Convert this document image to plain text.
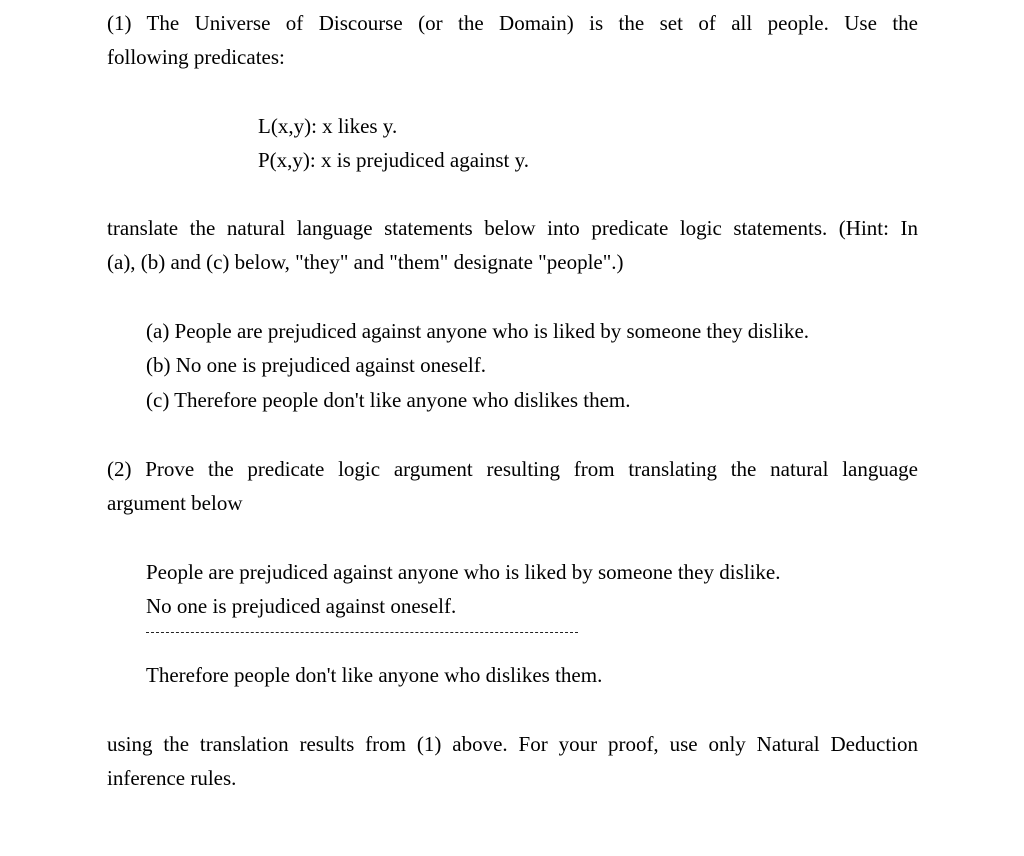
(1) The Universe of Discourse (or the Domain) is the set of all people. Use the
following predicates:
L(x,y): x likes y.
P(x,y): x is prejudiced against y.
translate the natural language statements below into predicate logic statements. (Hint: In
(a), (b) and (c) below, "they" and "them" designate "people".)
(a) People are prejudiced against anyone who is liked by someone they dislike.
(b) No one is prejudiced against oneself.
(c) Therefore people don't like anyone who dislikes them.
(2) Prove the predicate logic argument resulting from translating the natural language
argument below
People are prejudiced against anyone who is liked by someone they dislike.
No one is prejudiced against oneself.
Therefore people don't like anyone who dislikes them.
using the translation results from (1) above. For your proof, use only Natural Deduction
inference rules.
